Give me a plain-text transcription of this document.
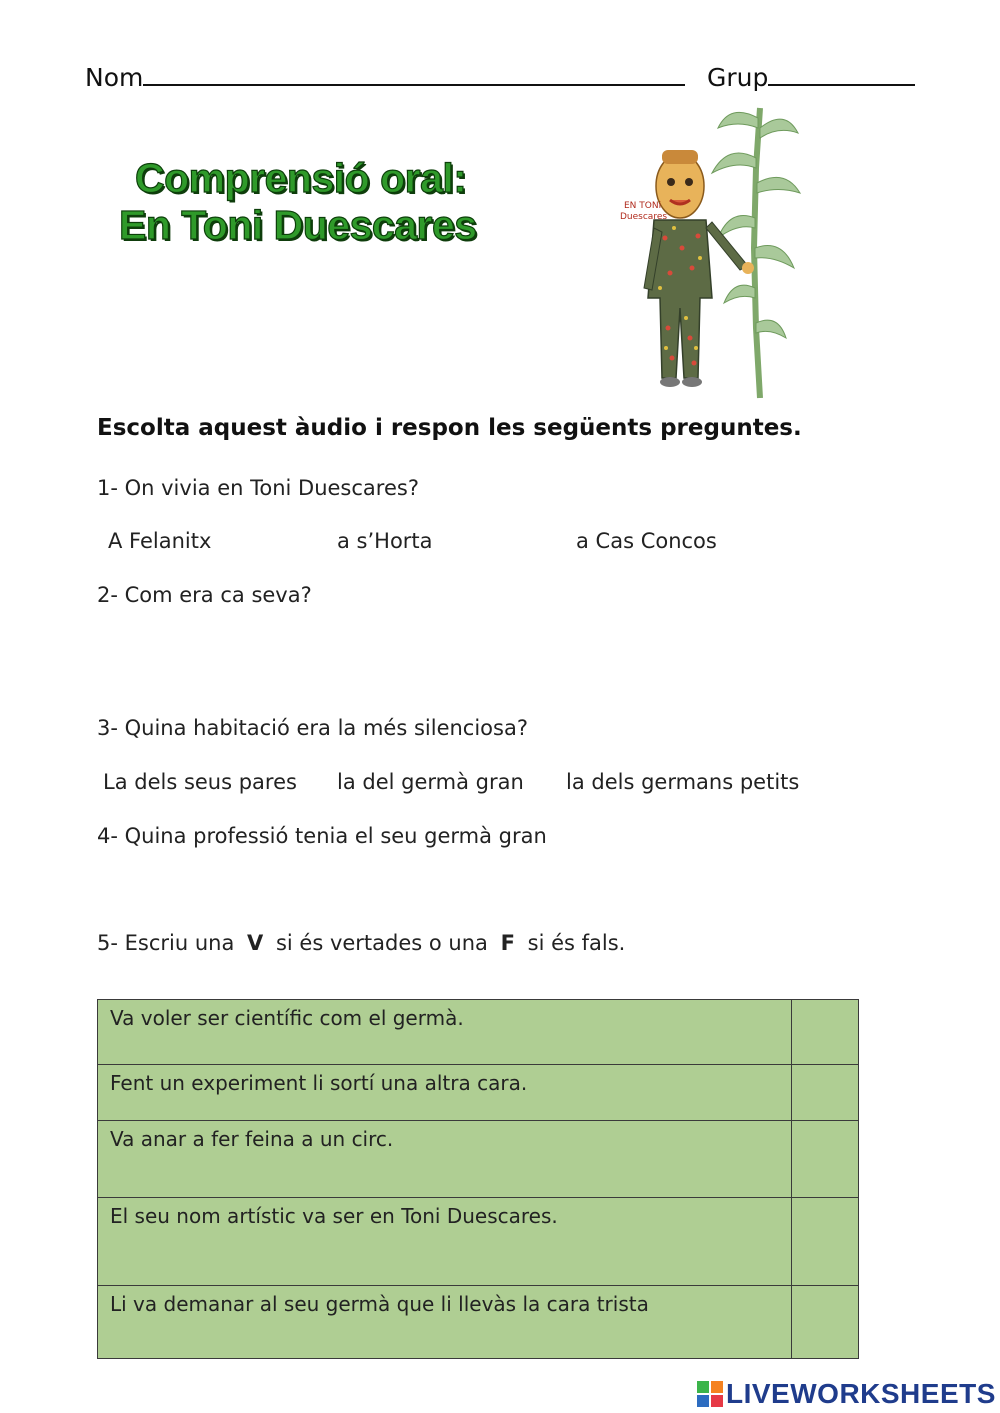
Nom	Grup
Comprensió oral:
En Toni Duescares	EN TONi
Duescares
Escolta aquest àudio i respon les següents preguntes.
1- On vivia en Toni Duescares?
A Felanitx	a s’Horta	a Cas Concos
2- Com era ca seva?
3- Quina habitació era la més silenciosa?
La dels seus pares la del germà gran la dels germans petits
4- Quina professió tenia el seu germà gran
5- Escriu una V si és vertades o una F si és fals.
Va voler ser científic com el germà.	
Fent un experiment li sortí una altra cara.	
Va anar a fer feina a un circ.	
El seu nom artístic va ser en Toni Duescares.	
Li va demanar al seu germà que li llevàs la cara trista	
LIVEWORKSHEETS
